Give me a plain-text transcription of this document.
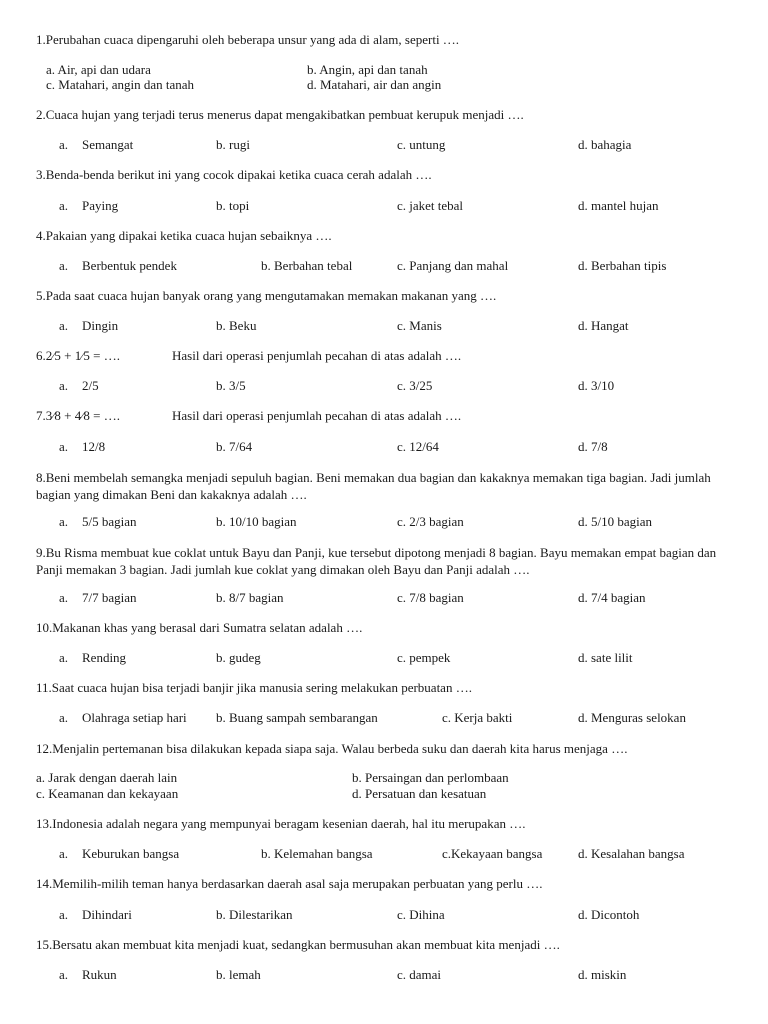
1.Perubahan cuaca dipengaruhi oleh beberapa unsur yang ada di alam, seperti ….
a. Air, api dan udara	b. Angin, api dan tanah
c. Matahari, angin dan tanah	d. Matahari, air dan angin
2.Cuaca hujan yang terjadi terus menerus dapat mengakibatkan pembuat kerupuk menjadi ….
a. Semangat	b. rugi	c. untung	d. bahagia
3.Benda-benda berikut ini yang cocok dipakai ketika cuaca cerah adalah ….
a. Paying	b. topi	c. jaket tebal	d. mantel hujan
4.Pakaian yang dipakai ketika cuaca hujan sebaiknya ….
a. Berbentuk pendek	b. Berbahan tebal	c. Panjang dan mahal	d. Berbahan tipis
5.Pada saat cuaca hujan banyak orang yang mengutamakan memakan makanan yang ….
a. Dingin	b. Beku	c. Manis	d. Hangat
6.2⁄5 + 1⁄5 = ….	Hasil dari operasi penjumlah pecahan di atas adalah ….
a. 2/5	b. 3/5	c. 3/25	d. 3/10
7.3⁄8 + 4⁄8 = ….	Hasil dari operasi penjumlah pecahan di atas adalah ….
a. 12/8	b. 7/64	c. 12/64	d. 7/8
8.Beni membelah semangka menjadi sepuluh bagian. Beni memakan dua bagian dan kakaknya memakan tiga bagian. Jadi jumlah bagian yang dimakan Beni dan kakaknya adalah ….
a. 5/5 bagian	b. 10/10 bagian	c. 2/3 bagian	d. 5/10 bagian
9.Bu Risma membuat kue coklat untuk Bayu dan Panji, kue tersebut dipotong menjadi 8 bagian. Bayu memakan empat bagian dan Panji memakan 3 bagian. Jadi jumlah kue coklat yang dimakan oleh Bayu dan Panji adalah ….
a. 7/7 bagian	b. 8/7 bagian	c. 7/8 bagian	d. 7/4 bagian
10.Makanan khas yang berasal dari Sumatra selatan adalah ….
a. Rending	b. gudeg	c. pempek	d. sate lilit
11.Saat cuaca hujan bisa terjadi banjir jika manusia sering melakukan perbuatan ….
a. Olahraga setiap hari b. Buang sampah sembarangan	c. Kerja bakti	d. Menguras selokan
12.Menjalin pertemanan bisa dilakukan kepada siapa saja. Walau berbeda suku dan daerah kita harus menjaga ….
a. Jarak dengan daerah lain	b. Persaingan dan perlombaan
c. Keamanan dan kekayaan	d. Persatuan dan kesatuan
13.Indonesia adalah negara yang mempunyai beragam kesenian daerah, hal itu merupakan ….
a. Keburukan bangsa	b. Kelemahan bangsa	c.Kekayaan bangsa	d. Kesalahan bangsa
14.Memilih-milih teman hanya berdasarkan daerah asal saja merupakan perbuatan yang perlu ….
a. Dihindari	b. Dilestarikan	c. Dihina	d. Dicontoh
15.Bersatu akan membuat kita menjadi kuat, sedangkan bermusuhan akan membuat kita menjadi ….
a. Rukun	b. lemah	c. damai	d. miskin
